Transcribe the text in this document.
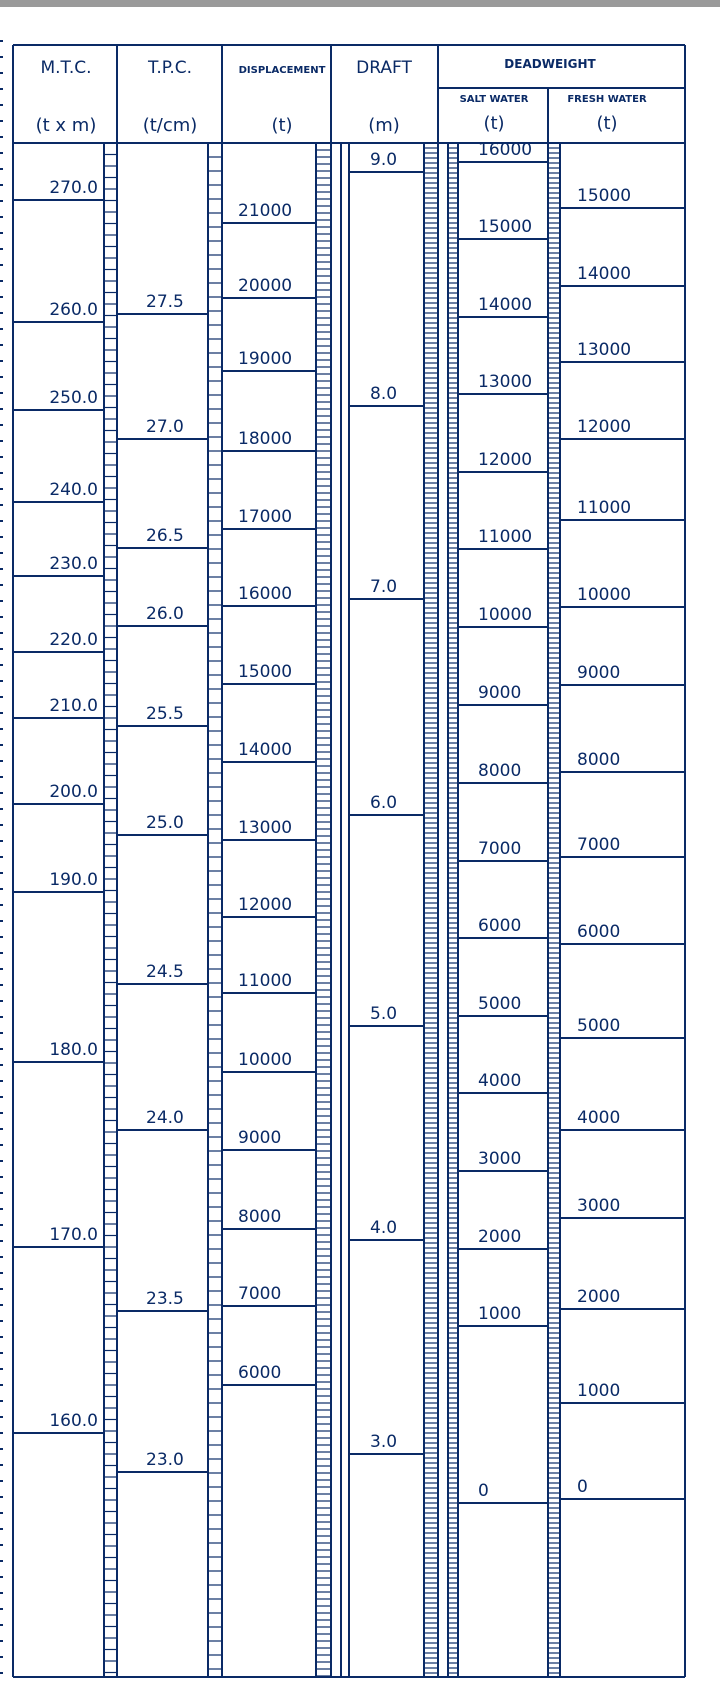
M.T.C.
(t x m)
T.P.C.
(t/cm)
DISPLACEMENT
(t)
DRAFT
(m)
DEADWEIGHT
SALT WATER
(t)
FRESH WATER
(t)
270.0
260.0
250.0
240.0
230.0
220.0
210.0
200.0
190.0
180.0
170.0
160.0
27.5
27.0
26.5
26.0
25.5
25.0
24.5
24.0
23.5
23.0
21000
20000
19000
18000
17000
16000
15000
14000
13000
12000
11000
10000
9000
8000
7000
6000
9.0
8.0
7.0
6.0
5.0
4.0
3.0
16000
15000
14000
13000
12000
11000
10000
9000
8000
7000
6000
5000
4000
3000
2000
1000
0
15000
14000
13000
12000
11000
10000
9000
8000
7000
6000
5000
4000
3000
2000
1000
0
